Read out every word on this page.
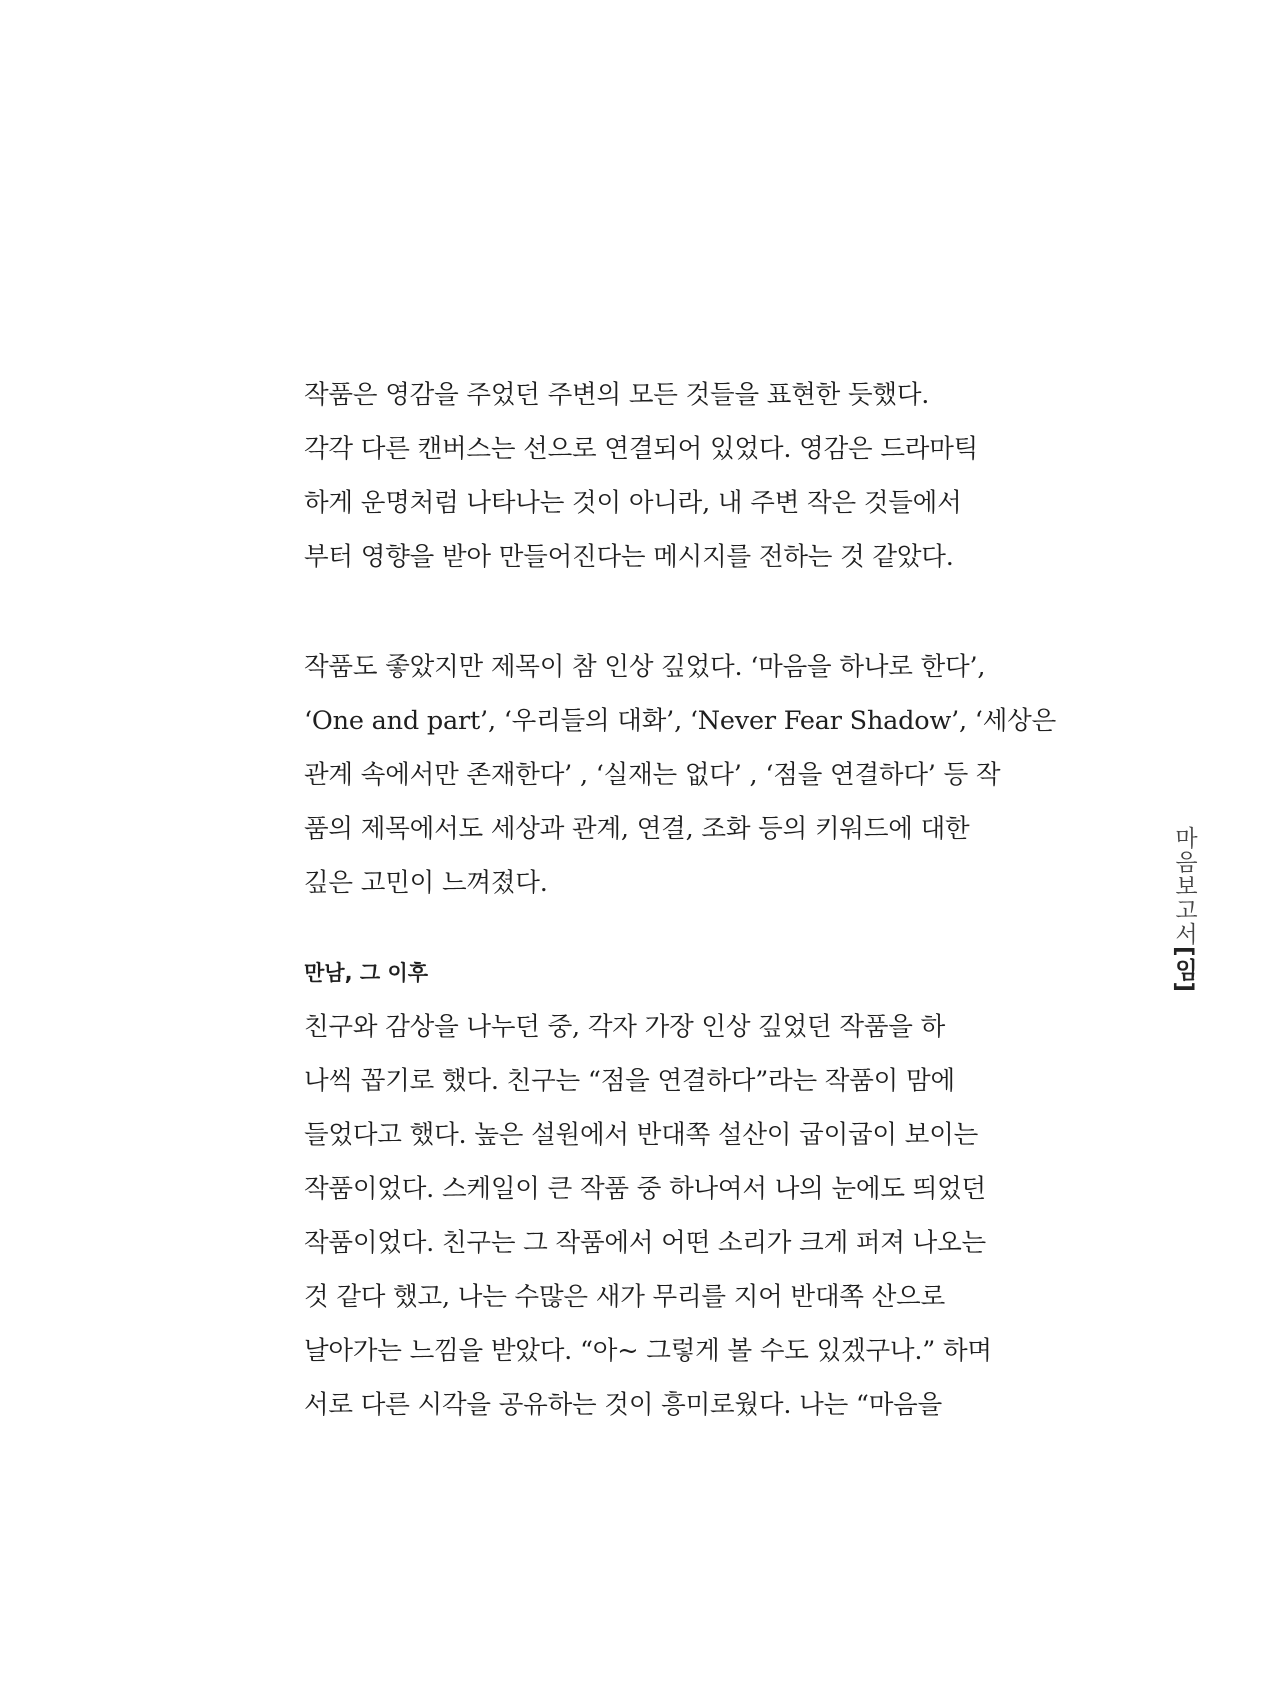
작품은 영감을 주었던 주변의 모든 것들을 표현한 듯했다.
각각 다른 캔버스는 선으로 연결되어 있었다. 영감은 드라마틱
하게 운명처럼 나타나는 것이 아니라, 내 주변 작은 것들에서
부터 영향을 받아 만들어진다는 메시지를 전하는 것 같았다.
작품도 좋았지만 제목이 참 인상 깊었다. ‘마음을 하나로 한다’,
‘One and part’, ‘우리들의 대화’, ‘Never Fear Shadow’, ‘세상은
관계 속에서만 존재한다’ , ‘실재는 없다’ , ‘점을 연결하다’ 등 작
품의 제목에서도 세상과 관계, 연결, 조화 등의 키워드에 대한
깊은 고민이 느껴졌다.
만남, 그 이후
친구와 감상을 나누던 중, 각자 가장 인상 깊었던 작품을 하
나씩 꼽기로 했다. 친구는 “점을 연결하다”라는 작품이 맘에
들었다고 했다. 높은 설원에서 반대쪽 설산이 굽이굽이 보이는
작품이었다. 스케일이 큰 작품 중 하나여서 나의 눈에도 띄었던
작품이었다. 친구는 그 작품에서 어떤 소리가 크게 퍼져 나오는
것 같다 했고, 나는 수많은 새가 무리를 지어 반대쪽 산으로
날아가는 느낌을 받았다. “아~ 그렇게 볼 수도 있겠구나.” 하며
서로 다른 시각을 공유하는 것이 흥미로웠다. 나는 “마음을
마음보고서[임]
